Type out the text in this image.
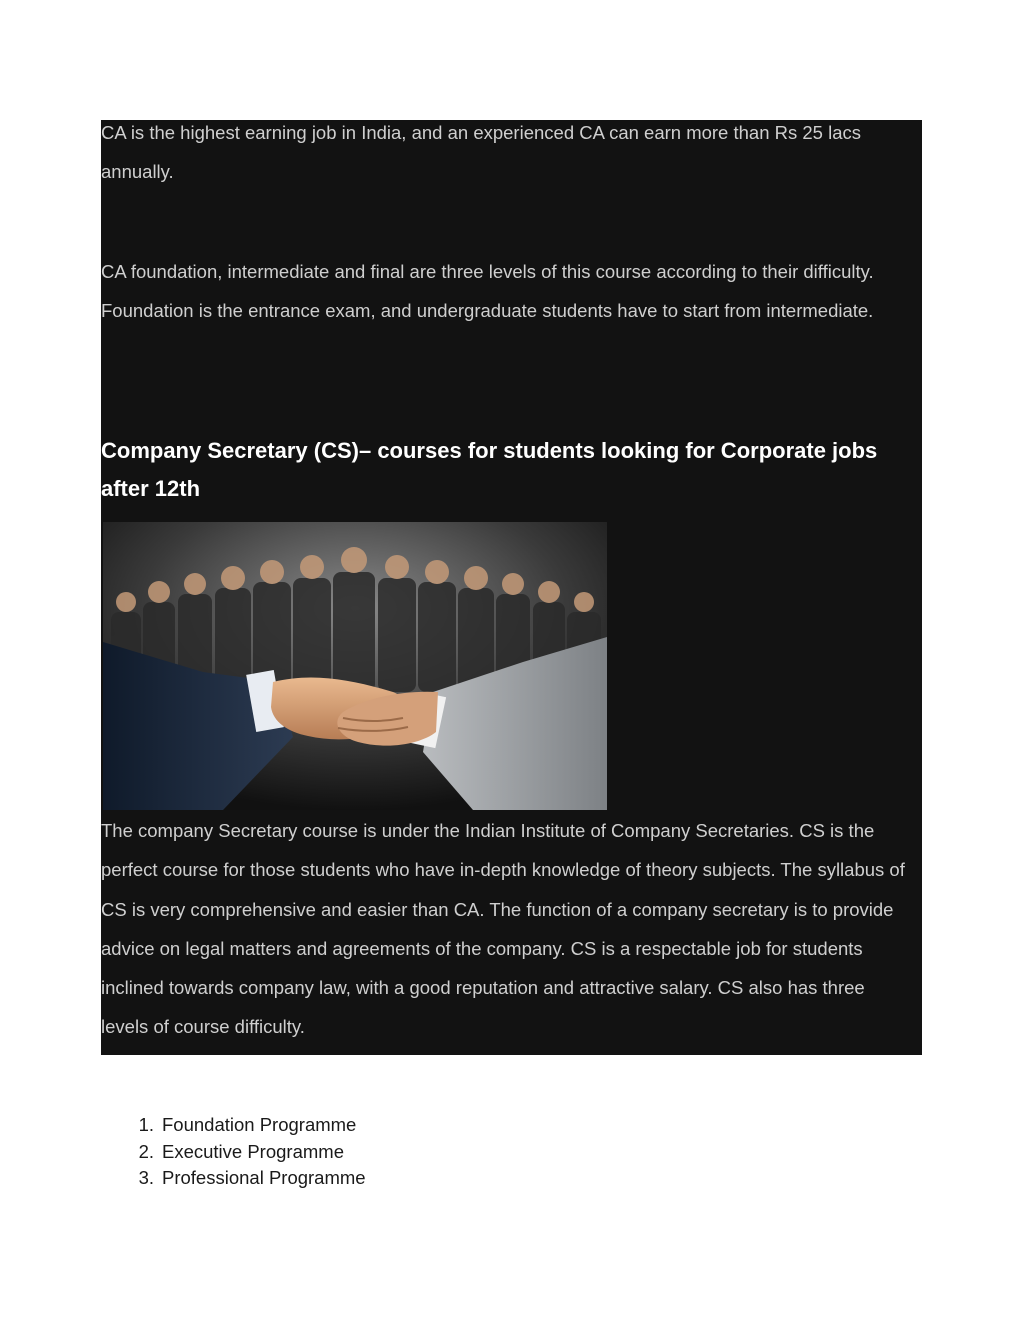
CA is the highest earning job in India, and an experienced CA can earn more than Rs 25 lacs annually.

CA foundation, intermediate and final are three levels of this course according to their difficulty. Foundation is the entrance exam, and undergraduate students have to start from intermediate.

Company Secretary (CS)– courses for students looking for Corporate jobs after 12th

The company Secretary course is under the Indian Institute of Company Secretaries. CS is the perfect course for those students who have in-depth knowledge of theory subjects. The syllabus of CS is very comprehensive and easier than CA. The function of a company secretary is to provide advice on legal matters and agreements of the company. CS is a respectable job for students inclined towards company law, with a good reputation and attractive salary. CS also has three levels of course difficulty.

1. Foundation Programme
2. Executive Programme
3. Professional Programme
